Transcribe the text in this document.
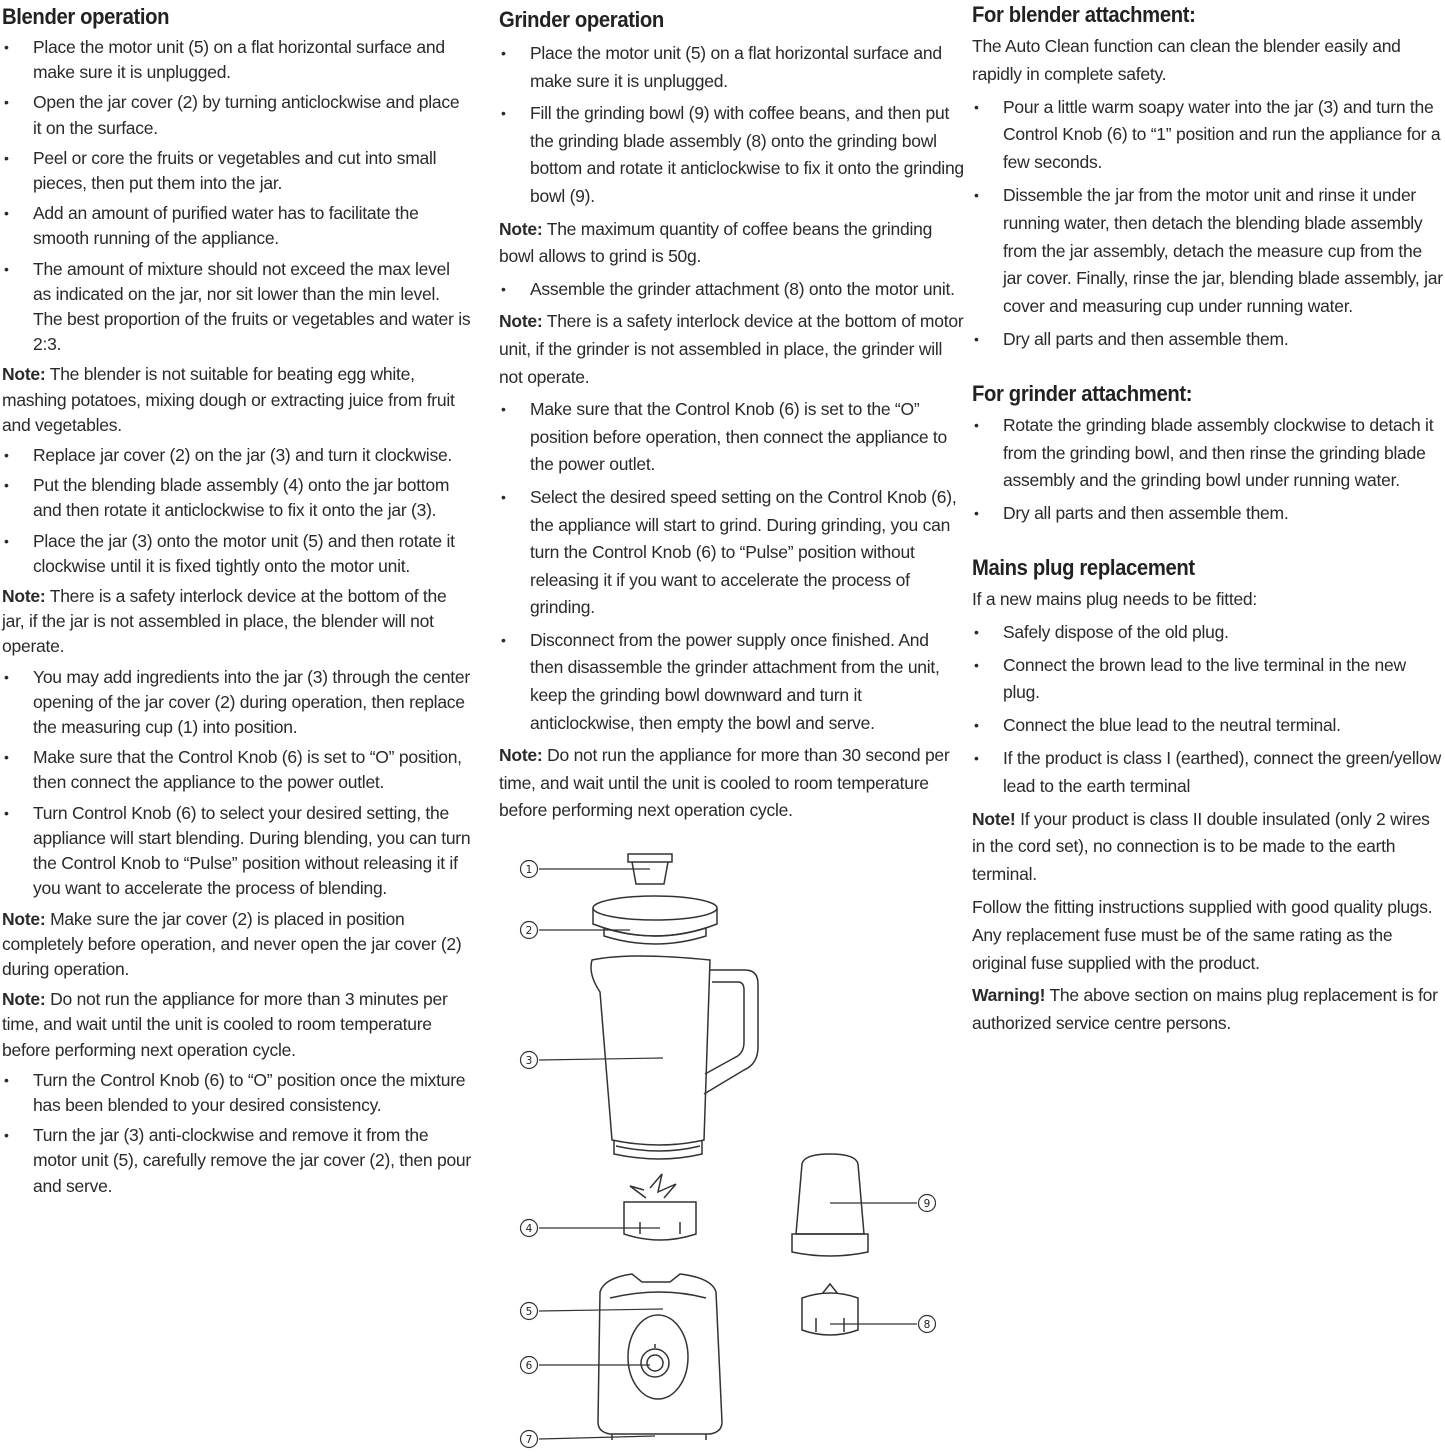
Blender operation
• Place the motor unit (5) on a flat horizontal surface and make sure it is unplugged.
• Open the jar cover (2) by turning anticlockwise and place it on the surface.
• Peel or core the fruits or vegetables and cut into small pieces, then put them into the jar.
• Add an amount of purified water has to facilitate the smooth running of the appliance.
• The amount of mixture should not exceed the max level as indicated on the jar, nor sit lower than the min level. The best proportion of the fruits or vegetables and water is 2:3.

Note: The blender is not suitable for beating egg white, mashing potatoes, mixing dough or extracting juice from fruit and vegetables.

• Replace jar cover (2) on the jar (3) and turn it clockwise.
• Put the blending blade assembly (4) onto the jar bottom and then rotate it anticlockwise to fix it onto the jar (3).
• Place the jar (3) onto the motor unit (5) and then rotate it clockwise until it is fixed tightly onto the motor unit.

Note: There is a safety interlock device at the bottom of the jar, if the jar is not assembled in place, the blender will not operate.

• You may add ingredients into the jar (3) through the center opening of the jar cover (2) during operation, then replace the measuring cup (1) into position.
• Make sure that the Control Knob (6) is set to “O” position, then connect the appliance to the power outlet.
• Turn Control Knob (6) to select your desired setting, the appliance will start blending. During blending, you can turn the Control Knob to “Pulse” position without releasing it if you want to accelerate the process of blending.

Note: Make sure the jar cover (2) is placed in position completely before operation, and never open the jar cover (2) during operation.

Note: Do not run the appliance for more than 3 minutes per time, and wait until the unit is cooled to room temperature before performing next operation cycle.

• Turn the Control Knob (6) to “O” position once the mixture has been blended to your desired consistency.
• Turn the jar (3) anti-clockwise and remove it from the motor unit (5), carefully remove the jar cover (2), then pour and serve.
Grinder operation
• Place the motor unit (5) on a flat horizontal surface and make sure it is unplugged.
• Fill the grinding bowl (9) with coffee beans, and then put the grinding blade assembly (8) onto the grinding bowl bottom and rotate it anticlockwise to fix it onto the grinding bowl (9).

Note: The maximum quantity of coffee beans the grinding bowl allows to grind is 50g.

• Assemble the grinder attachment (8) onto the motor unit.

Note: There is a safety interlock device at the bottom of motor unit, if the grinder is not assembled in place, the grinder will not operate.

• Make sure that the Control Knob (6) is set to the “O” position before operation, then connect the appliance to the power outlet.
• Select the desired speed setting on the Control Knob (6), the appliance will start to grind. During grinding, you can turn the Control Knob (6) to “Pulse” position without releasing it if you want to accelerate the process of grinding.
• Disconnect from the power supply once finished. And then disassemble the grinder attachment from the unit, keep the grinding bowl downward and turn it anticlockwise, then empty the bowl and serve.

Note: Do not run the appliance for more than 30 second per time, and wait until the unit is cooled to room temperature before performing next operation cycle.

1
2
3
4
5
6
7
8
9
For blender attachment:

The Auto Clean function can clean the blender easily and rapidly in complete safety.

• Pour a little warm soapy water into the jar (3) and turn the Control Knob (6) to “1” position and run the appliance for a few seconds.
• Dissemble the jar from the motor unit and rinse it under running water, then detach the blending blade assembly from the jar assembly, detach the measure cup from the jar cover. Finally, rinse the jar, blending blade assembly, jar cover and measuring cup under running water.
• Dry all parts and then assemble them.
For grinder attachment:
• Rotate the grinding blade assembly clockwise to detach it from the grinding bowl, and then rinse the grinding blade assembly and the grinding bowl under running water.
• Dry all parts and then assemble them.
Mains plug replacement

If a new mains plug needs to be fitted:

• Safely dispose of the old plug.
• Connect the brown lead to the live terminal in the new plug.
• Connect the blue lead to the neutral terminal.
• If the product is class I (earthed), connect the green/yellow lead to the earth terminal

Note! If your product is class II double insulated (only 2 wires in the cord set), no connection is to be made to the earth terminal.

Follow the fitting instructions supplied with good quality plugs. Any replacement fuse must be of the same rating as the original fuse supplied with the product.

Warning! The above section on mains plug replacement is for authorized service centre persons.
